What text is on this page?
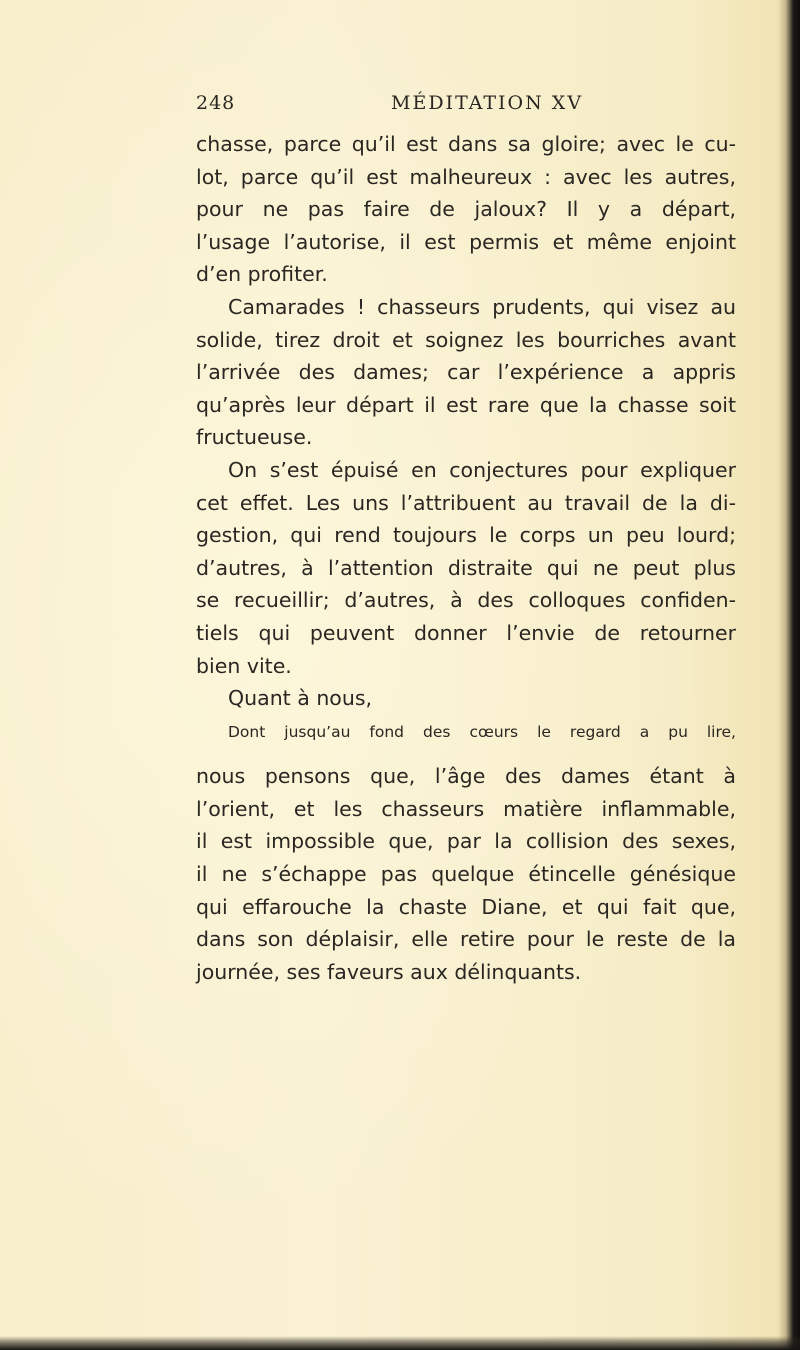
248	MÉDITATION XV
chasse, parce qu’il est dans sa gloire; avec le cu-
lot, parce qu’il est malheureux : avec les autres,
pour ne pas faire de jaloux? Il y a départ,
l’usage l’autorise, il est permis et même enjoint
d’en profiter.
Camarades ! chasseurs prudents, qui visez au
solide, tirez droit et soignez les bourriches avant
l’arrivée des dames; car l’expérience a appris
qu’après leur départ il est rare que la chasse soit
fructueuse.
On s’est épuisé en conjectures pour expliquer
cet effet. Les uns l’attribuent au travail de la di-
gestion, qui rend toujours le corps un peu lourd;
d’autres, à l’attention distraite qui ne peut plus
se recueillir; d’autres, à des colloques confiden-
tiels qui peuvent donner l’envie de retourner
bien vite.
Quant à nous,
Dont jusqu’au fond des cœurs le regard a pu lire,
nous pensons que, l’âge des dames étant à
l’orient, et les chasseurs matière inflammable,
il est impossible que, par la collision des sexes,
il ne s’échappe pas quelque étincelle génésique
qui effarouche la chaste Diane, et qui fait que,
dans son déplaisir, elle retire pour le reste de la
journée, ses faveurs aux délinquants.
